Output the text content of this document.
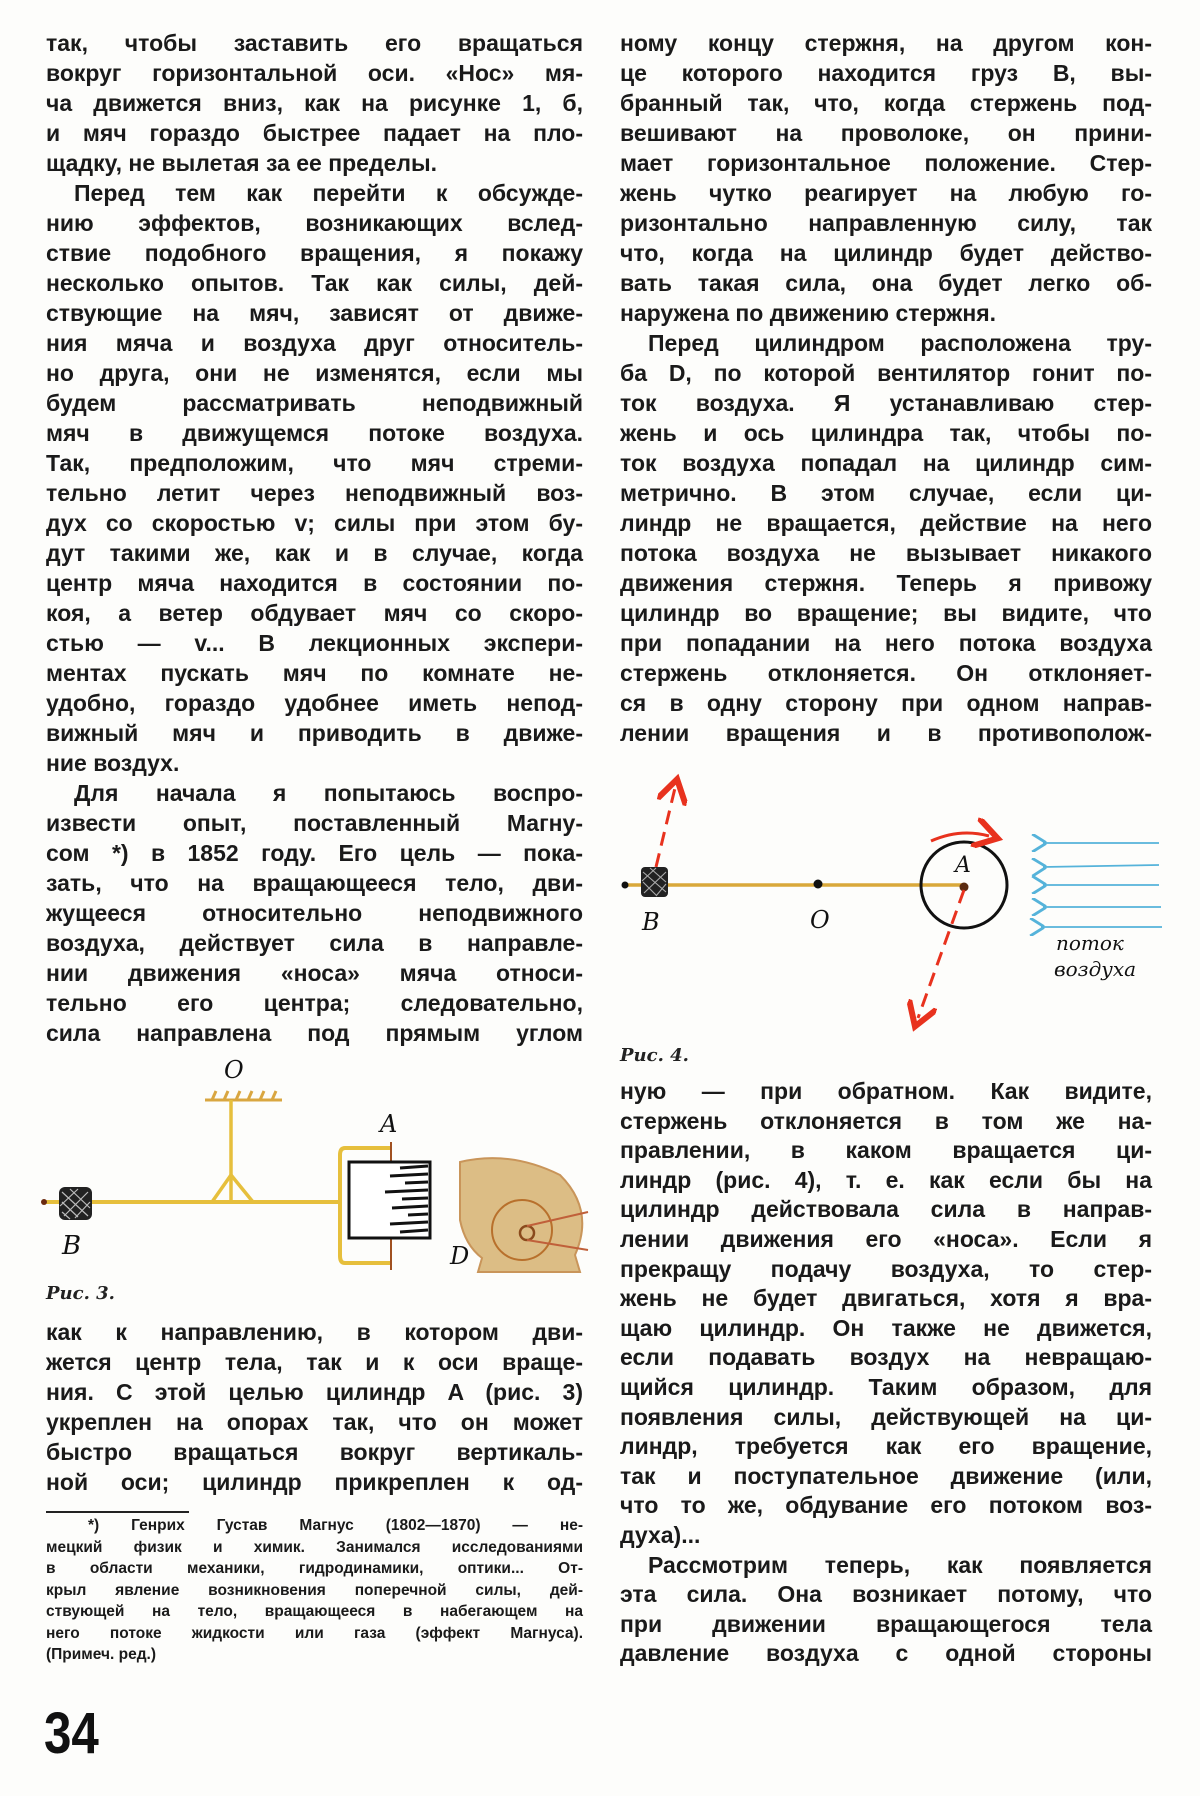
так, чтобы заставить его вращаться
вокруг горизонтальной оси. «Нос» мя-
ча движется вниз, как на рисунке 1, б,
и мяч гораздо быстрее падает на пло-
щадку, не вылетая за ее пределы.
Перед тем как перейти к обсужде-
нию эффектов, возникающих вслед-
ствие подобного вращения, я покажу
несколько опытов. Так как силы, дей-
ствующие на мяч, зависят от движе-
ния мяча и воздуха друг относитель-
но друга, они не изменятся, если мы
будем рассматривать неподвижный
мяч в движущемся потоке воздуха.
Так, предположим, что мяч стреми-
тельно летит через неподвижный воз-
дух со скоростью v; силы при этом бу-
дут такими же, как и в случае, когда
центр мяча находится в состоянии по-
коя, а ветер обдувает мяч со скоро-
стью — v... В лекционных экспери-
ментах пускать мяч по комнате не-
удобно, гораздо удобнее иметь непод-
вижный мяч и приводить в движе-
ние воздух.
Для начала я попытаюсь воспро-
извести опыт, поставленный Магну-
сом *) в 1852 году. Его цель — пока-
зать, что на вращающееся тело, дви-
жущееся относительно неподвижного
воздуха, действует сила в направле-
нии движения «носа» мяча относи-
тельно его центра; следовательно,
сила направлена под прямым углом
O
A
B	D
Рис. 3.
как к направлению, в котором дви-
жется центр тела, так и к оси враще-
ния. С этой целью цилиндр A (рис. 3)
укреплен на опорах так, что он может
быстро вращаться вокруг вертикаль-
ной оси; цилиндр прикреплен к од-
*) Генрих Густав Магнус (1802—1870) — не-
мецкий физик и химик. Занимался исследованиями
в области механики, гидродинамики, оптики... От-
крыл явление возникновения поперечной силы, дей-
ствующей на тело, вращающееся в набегающем на
него потоке жидкости или газа (эффект Магнуса).
(Примеч. ред.)
34
ному концу стержня, на другом кон-
це которого находится груз B, вы-
бранный так, что, когда стержень под-
вешивают на проволоке, он прини-
мает горизонтальное положение. Стер-
жень чутко реагирует на любую го-
ризонтально направленную силу, так
что, когда на цилиндр будет действо-
вать такая сила, она будет легко об-
наружена по движению стержня.
Перед цилиндром расположена тру-
ба D, по которой вентилятор гонит по-
ток воздуха. Я устанавливаю стер-
жень и ось цилиндра так, чтобы по-
ток воздуха попадал на цилиндр сим-
метрично. В этом случае, если ци-
линдр не вращается, действие на него
потока воздуха не вызывает никакого
движения стержня. Теперь я привожу
цилиндр во вращение; вы видите, что
при попадании на него потока воздуха
стержень отклоняется. Он отклоняет-
ся в одну сторону при одном направ-
лении вращения и в противополож-
B	O
A
поток
воздуха
Рис. 4.
ную — при обратном. Как видите,
стержень отклоняется в том же на-
правлении, в каком вращается ци-
линдр (рис. 4), т. е. как если бы на
цилиндр действовала сила в направ-
лении движения его «носа». Если я
прекращу подачу воздуха, то стер-
жень не будет двигаться, хотя я вра-
щаю цилиндр. Он также не движется,
если подавать воздух на невращаю-
щийся цилиндр. Таким образом, для
появления силы, действующей на ци-
линдр, требуется как его вращение,
так и поступательное движение (или,
что то же, обдувание его потоком воз-
духа)...
Рассмотрим теперь, как появляется
эта сила. Она возникает потому, что
при движении вращающегося тела
давление воздуха с одной стороны
